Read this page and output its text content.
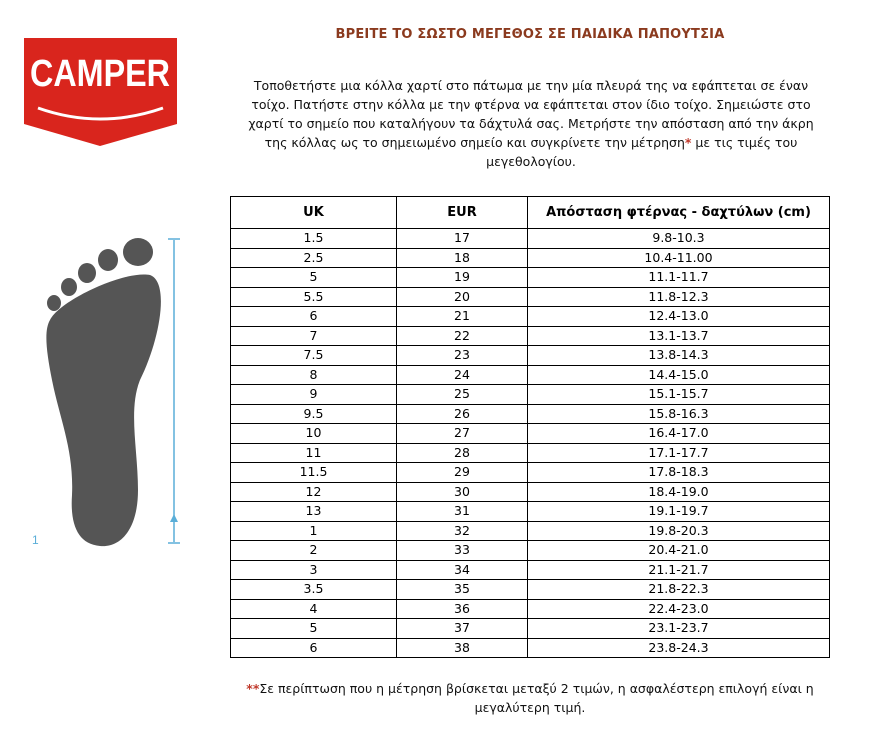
CAMPER
ΒΡΕΙΤΕ ΤΟ ΣΩΣΤΟ ΜΕΓΕΘΟΣ ΣΕ ΠΑΙΔΙΚΑ ΠΑΠΟΥΤΣΙΑ
Τοποθετήστε μια κόλλα χαρτί στο πάτωμα με την μία πλευρά της να εφάπτεται σε έναν τοίχο. Πατήστε στην κόλλα με την φτέρνα να εφάπτεται στον ίδιο τοίχο. Σημειώστε στο χαρτί το σημείο που καταλήγουν τα δάχτυλά σας. Μετρήστε την απόσταση από την άκρη της κόλλας ως το σημειωμένο σημείο και συγκρίνετε την μέτρηση* με τις τιμές του μεγεθολογίου.
1
UK	EUR	Απόσταση φτέρνας - δαχτύλων (cm)
1.5	17	9.8-10.3
2.5	18	10.4-11.00
5	19	11.1-11.7
5.5	20	11.8-12.3
6	21	12.4-13.0
7	22	13.1-13.7
7.5	23	13.8-14.3
8	24	14.4-15.0
9	25	15.1-15.7
9.5	26	15.8-16.3
10	27	16.4-17.0
11	28	17.1-17.7
11.5	29	17.8-18.3
12	30	18.4-19.0
13	31	19.1-19.7
1	32	19.8-20.3
2	33	20.4-21.0
3	34	21.1-21.7
3.5	35	21.8-22.3
4	36	22.4-23.0
5	37	23.1-23.7
6	38	23.8-24.3
**Σε περίπτωση που η μέτρηση βρίσκεται μεταξύ 2 τιμών, η ασφαλέστερη επιλογή είναι η μεγαλύτερη τιμή.
